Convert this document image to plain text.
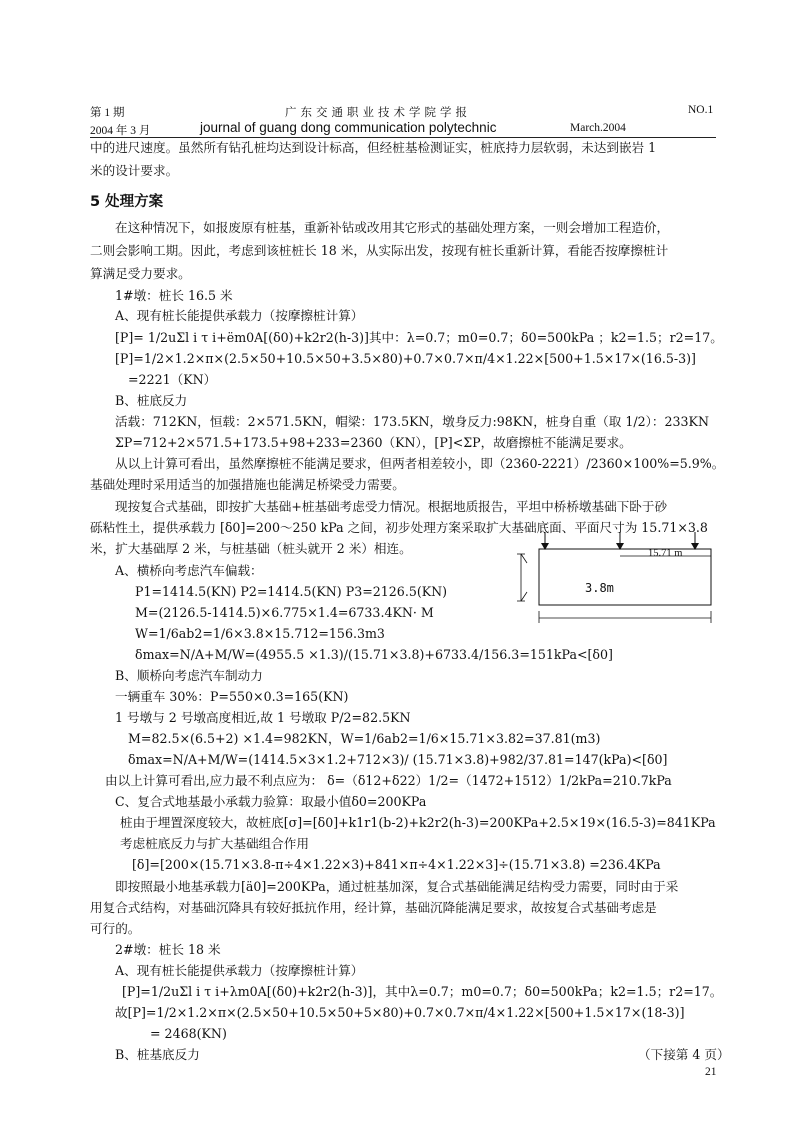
第 1 期	广东交通职业技术学院学报	NO.1
2004 年 3 月	journal of guang dong communication polytechnic	March.2004
中的进尺速度。虽然所有钻孔桩均达到设计标高，但经桩基检测证实，桩底持力层软弱，未达到嵌岩 1
米的设计要求。
5 处理方案
在这种情况下，如报废原有桩基，重新补钻或改用其它形式的基础处理方案，一则会增加工程造价，
二则会影响工期。因此，考虑到该桩桩长 18 米，从实际出发，按现有桩长重新计算，看能否按摩擦桩计
算满足受力要求。
1#墩：桩长 16.5 米
A、现有桩长能提供承载力（按摩擦桩计算）
[P]= 1/2uΣl i τ i+ëm0A[(δ0)+k2r2(h-3)]其中：λ=0.7；m0=0.7；δ0=500kPa ；k2=1.5；r2=17。
[P]=1/2×1.2×π×(2.5×50+10.5×50+3.5×80)+0.7×0.7×π/4×1.22×[500+1.5×17×(16.5-3)]
=2221（KN）
B、桩底反力
活载：712KN，恒载：2×571.5KN，帽梁：173.5KN，墩身反力:98KN，桩身自重（取 1/2）：233KN
ΣP=712+2×571.5+173.5+98+233=2360（KN），[P]<ΣP，故磨擦桩不能满足要求。
从以上计算可看出，虽然摩擦桩不能满足要求，但两者相差较小，即（2360-2221）/2360×100%=5.9%。
基础处理时采用适当的加强措施也能满足桥梁受力需要。
现按复合式基础，即按扩大基础+桩基础考虑受力情况。根据地质报告，平坦中桥桥墩基础下卧于砂
砾粘性土，提供承载力 [δ0]=200～250 kPa 之间，初步处理方案采取扩大基础底面、平面尺寸为 15.71×3.8
米，扩大基础厚 2 米，与桩基础（桩头就开 2 米）相连。
A、横桥向考虑汽车偏载：
P1=1414.5(KN) P2=1414.5(KN) P3=2126.5(KN)
M=(2126.5-1414.5)×6.775×1.4=6733.4KN· M
W=1/6ab2=1/6×3.8×15.712=156.3m3
δmax=N/A+M/W=(4955.5 ×1.3)/(15.71×3.8)+6733.4/156.3=151kPa<[δ0]
B、顺桥向考虑汽车制动力
一辆重车 30%：P=550×0.3=165(KN)
1 号墩与 2 号墩高度相近,故 1 号墩取 P/2=82.5KN
M=82.5×(6.5+2) ×1.4=982KN，W=1/6ab2=1/6×15.71×3.82=37.81(m3)
δmax=N/A+M/W=(1414.5×3×1.2+712×3)/ (15.71×3.8)+982/37.81=147(kPa)<[δ0]
由以上计算可看出,应力最不利点应为： δ=（δ12+δ22）1/2=（1472+1512）1/2kPa=210.7kPa
C、复合式地基最小承载力验算：取最小值δ0=200KPa
桩由于埋置深度较大，故桩底[σ]=[δ0]+k1r1(b-2)+k2r2(h-3)=200KPa+2.5×19×(16.5-3)=841KPa
考虑桩底反力与扩大基础组合作用
[δ]=[200×(15.71×3.8-π÷4×1.22×3)+841×π÷4×1.22×3]÷(15.71×3.8) =236.4KPa
即按照最小地基承载力[ä0]=200KPa，通过桩基加深，复合式基础能满足结构受力需要，同时由于采
用复合式结构，对基础沉降具有较好抵抗作用，经计算，基础沉降能满足要求，故按复合式基础考虑是
可行的。
2#墩：桩长 18 米
A、现有桩长能提供承载力（按摩擦桩计算）
[P]=1/2uΣl i τ i+λm0A[(δ0)+k2r2(h-3)]，其中λ=0.7；m0=0.7；δ0=500kPa；k2=1.5；r2=17。
故[P]=1/2×1.2×π×(2.5×50+10.5×50+5×80)+0.7×0.7×π/4×1.22×[500+1.5×17×(18-3)]
= 2468(KN)
B、桩基底反力	（下接第 4 页）
15.71 m
3.8m
21
